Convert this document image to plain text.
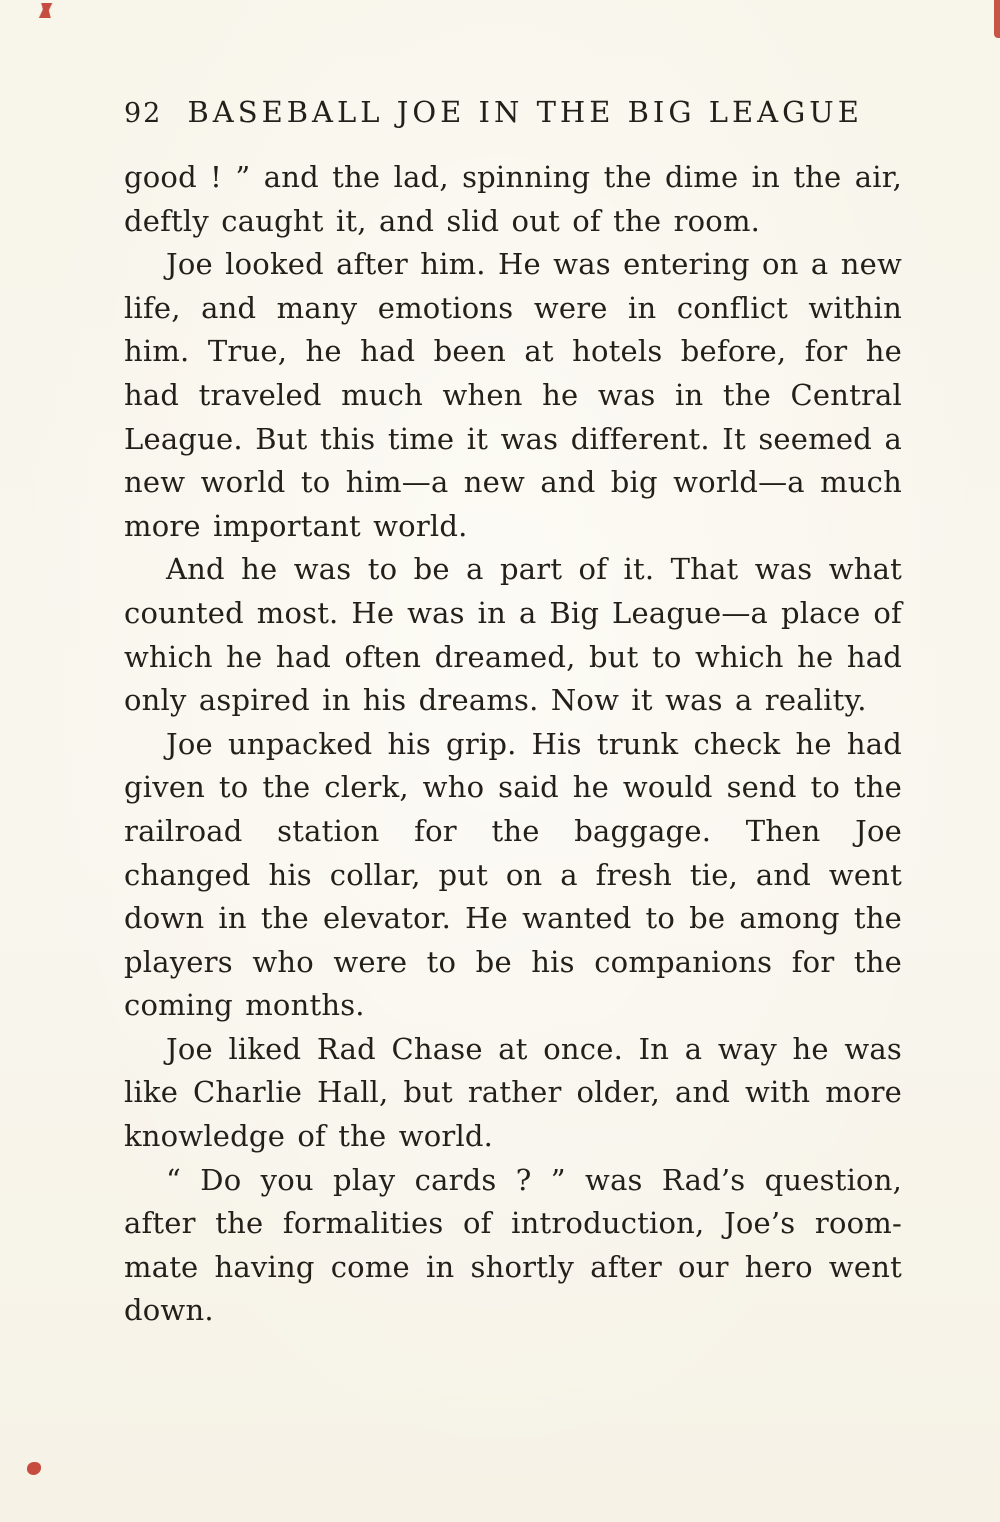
92 BASEBALL JOE IN THE BIG LEAGUE

good ! ” and the lad, spinning the dime in the air, deftly caught it, and slid out of the room.

Joe looked after him. He was entering on a new life, and many emotions were in conflict within him. True, he had been at hotels before, for he had traveled much when he was in the Central League. But this time it was different. It seemed a new world to him—a new and big world—a much more important world.

And he was to be a part of it. That was what counted most. He was in a Big League—a place of which he had often dreamed, but to which he had only aspired in his dreams. Now it was a reality.

Joe unpacked his grip. His trunk check he had given to the clerk, who said he would send to the railroad station for the baggage. Then Joe changed his collar, put on a fresh tie, and went down in the elevator. He wanted to be among the players who were to be his companions for the coming months.

Joe liked Rad Chase at once. In a way he was like Charlie Hall, but rather older, and with more knowledge of the world.

“ Do you play cards ? ” was Rad’s question, after the formalities of introduction, Joe’s room-mate having come in shortly after our hero went down.
